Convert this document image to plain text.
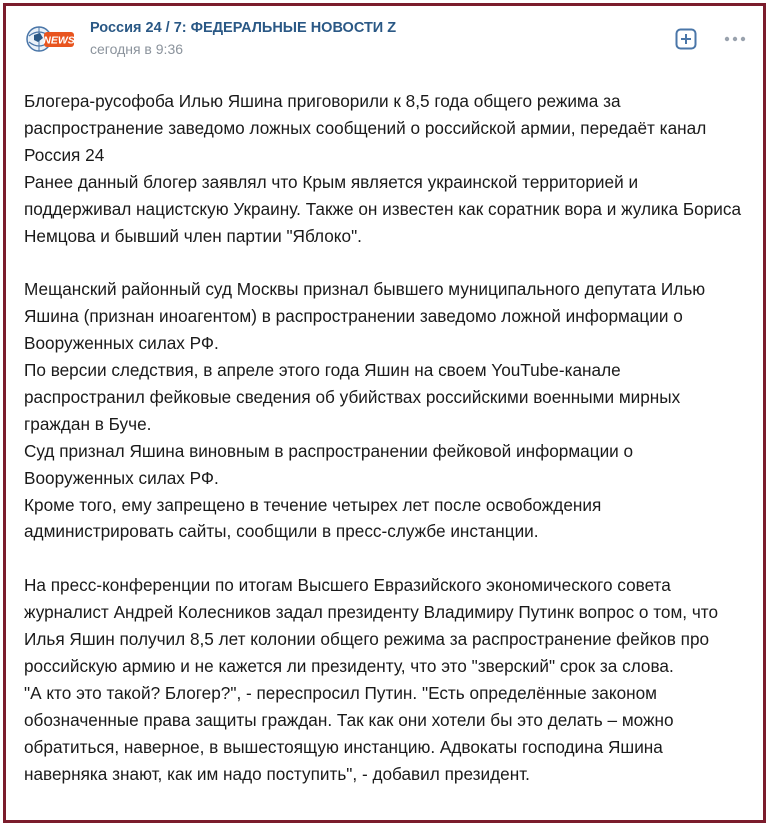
NEWS
Россия 24 / 7: ФЕДЕРАЛЬНЫЕ НОВОСТИ Z
сегодня в 9:36

Блогера-русофоба Илью Яшина приговорили к 8,5 года общего режима за распространение заведомо ложных сообщений о российской армии, передаёт канал Россия 24

Ранее данный блогер заявлял что Крым является украинской территорией и поддерживал нацистскую Украину. Также он известен как соратник вора и жулика Бориса Немцова и бывший член партии "Яблоко".

Мещанский районный суд Москвы признал бывшего муниципального депутата Илью Яшина (признан иноагентом) в распространении заведомо ложной информации о Вооруженных силах РФ.

По версии следствия, в апреле этого года Яшин на своем YouTube-канале распространил фейковые сведения об убийствах российскими военными мирных граждан в Буче.

Суд признал Яшина виновным в распространении фейковой информации о Вооруженных силах РФ.

Кроме того, ему запрещено в течение четырех лет после освобождения администрировать сайты, сообщили в пресс-службе инстанции.

На пресс-конференции по итогам Высшего Евразийского экономического совета журналист Андрей Колесников задал президенту Владимиру Путинк вопрос о том, что Илья Яшин получил 8,5 лет колонии общего режима за распространение фейков про российскую армию и не кажется ли президенту, что это "зверский" срок за слова.

"А кто это такой? Блогер?", - переспросил Путин. "Есть определённые законом обозначенные права защиты граждан. Так как они хотели бы это делать – можно обратиться, наверное, в вышестоящую инстанцию. Адвокаты господина Яшина наверняка знают, как им надо поступить", - добавил президент.
